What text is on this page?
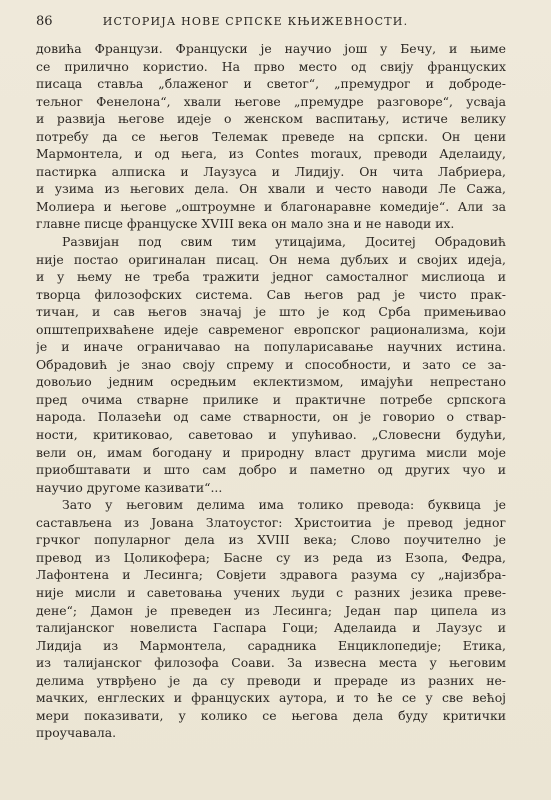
86	ИСТОРИЈА НОВЕ СРПСКЕ КЊИЖЕВНОСТИ.
довића Французи. Француски је научио још у Бечу, и њиме
се прилично користио. На прво место од свију француских
писаца ставља „блаженог и светог“, „премудрог и доброде-
тељног Фенелона“, хвали његове „премудре разговоре“, усваја
и развија његове идеје о женском васпитању, истиче велику
потребу да се његов Телемак преведе на српски. Он цени
Мармонтела, и од њега, из Contes moraux, преводи Аделаиду,
пастирка алписка и Лаузуса и Лидију. Он чита Лабриера,
и узима из његових дела. Он хвали и често наводи Ле Сажа,
Молиера и његове „оштроумне и благонаравне комедије“. Али за
главне писце француске XVIII века он мало зна и не наводи их.
Развијан под свим тим утицајима, Доситеј Обрадовић
није постао оригиналан писац. Он нема дубљих и својих идеја,
и у њему не треба тражити једног самосталног мислиоца и
творца филозофских система. Сав његов рад је чисто прак-
тичан, и сав његов значај је што је код Срба примењивао
општеприхваћене идеје савременог европског рационализма, који
је и иначе ограничавао на популарисавање научних истина.
Обрадовић је знао своју спрему и способности, и зато се за-
довољио једним осредњим еклектизмом, имајући непрестано
пред очима стварне прилике и практичне потребе српскога
народа. Полазећи од саме стварности, он је говорио о ствар-
ности, критиковао, саветовао и упућивао. „Словесни будући,
вели он, имам богодану и природну власт другима мисли моје
приобштавати и што сам добро и паметно од других чуо и
научио другоме казивати“...
Зато у његовим делима има толико превода: буквица је
састављена из Јована Златоустог: Христоитиа је превод једног
грчког популарног дела из XVIII века; Слово поучително је
превод из Цоликофера; Басне су из реда из Езопа, Федра,
Лафонтена и Лесинга; Совјети здравога разума су „најизбра-
није мисли и саветовања учених људи с разних језика преве-
дене“; Дамон је преведен из Лесинга; Један пар ципела из
талијанског новелиста Гаспара Гоци; Аделаида и Лаузус и
Лидија из Мармонтела, сарадника Енциклопедије; Етика,
из талијанског филозофа Соави. За извесна места у његовим
делима утврђено је да су преводи и прераде из разних не-
мачких, енглеских и француских аутора, и то ће се у све већој
мери показивати, у колико се његова дела буду критички
проучавала.
